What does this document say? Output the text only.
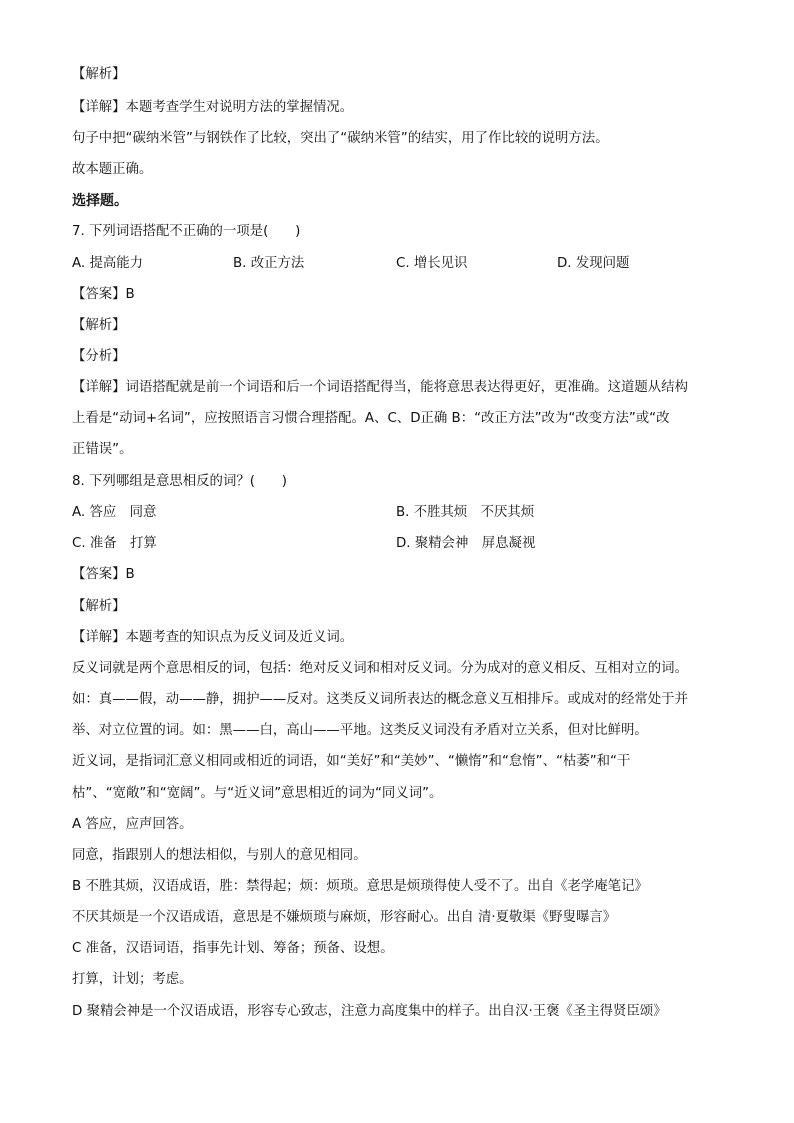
【解析】
【详解】本题考查学生对说明方法的掌握情况。
句子中把“碳纳米管”与钢铁作了比较，突出了“碳纳米管”的结实，用了作比较的说明方法。
故本题正确。
选择题。
7. 下列词语搭配不正确的一项是(　　)
A. 提高能力	B. 改正方法	C. 增长见识	D. 发现问题
【答案】B
【解析】
【分析】
【详解】词语搭配就是前一个词语和后一个词语搭配得当，能将意思表达得更好，更准确。这道题从结构
上看是“动词+名词”，应按照语言习惯合理搭配。A、C、D正确 B：“改正方法”改为“改变方法”或“改
正错误”。
8. 下列哪组是意思相反的词？(　　)
A. 答应　同意	B. 不胜其烦　不厌其烦
C. 准备　打算	D. 聚精会神　屏息凝视
【答案】B
【解析】
【详解】本题考查的知识点为反义词及近义词。
反义词就是两个意思相反的词，包括：绝对反义词和相对反义词。分为成对的意义相反、互相对立的词。
如：真——假，动——静，拥护——反对。这类反义词所表达的概念意义互相排斥。或成对的经常处于并
举、对立位置的词。如：黑——白，高山——平地。这类反义词没有矛盾对立关系，但对比鲜明。
近义词，是指词汇意义相同或相近的词语，如“美好”和“美妙”、“懒惰”和“怠惰”、“枯萎”和“干
枯”、“宽敞”和“宽阔”。与“近义词”意思相近的词为“同义词”。
A 答应，应声回答。
同意，指跟别人的想法相似，与别人的意见相同。
B 不胜其烦，汉语成语，胜：禁得起；烦：烦琐。意思是烦琐得使人受不了。出自《老学庵笔记》
不厌其烦是一个汉语成语，意思是不嫌烦琐与麻烦，形容耐心。出自 清·夏敬渠《野叟曝言》
C 准备，汉语词语，指事先计划、筹备；预备、设想。
打算，计划；考虑。
D 聚精会神是一个汉语成语，形容专心致志，注意力高度集中的样子。出自汉·王褒《圣主得贤臣颂》
